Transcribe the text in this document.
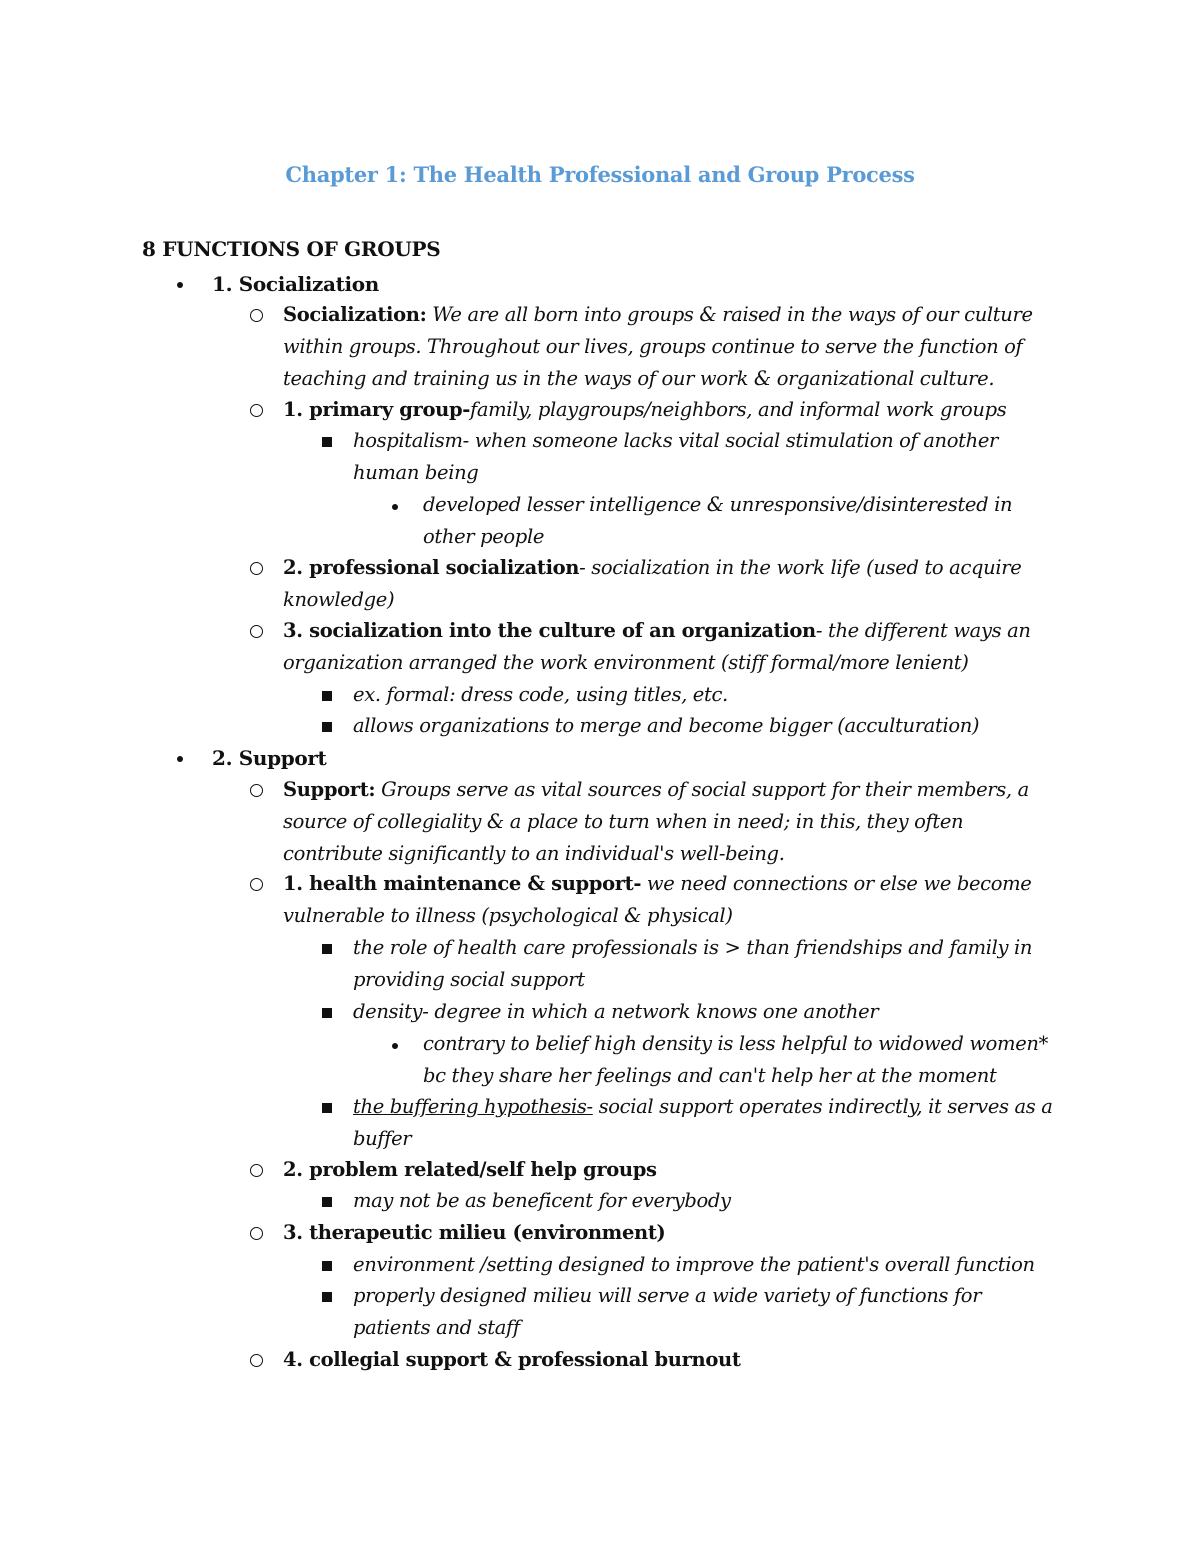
Chapter 1: The Health Professional and Group Process
8 FUNCTIONS OF GROUPS
1. Socialization
Socialization: We are all born into groups & raised in the ways of our culture
within groups. Throughout our lives, groups continue to serve the function of
teaching and training us in the ways of our work & organizational culture.
1. primary group-family, playgroups/neighbors, and informal work groups
hospitalism- when someone lacks vital social stimulation of another
human being
developed lesser intelligence & unresponsive/disinterested in
other people
2. professional socialization- socialization in the work life (used to acquire
knowledge)
3. socialization into the culture of an organization- the different ways an
organization arranged the work environment (stiff formal/more lenient)
ex. formal: dress code, using titles, etc.
allows organizations to merge and become bigger (acculturation)
2. Support
Support: Groups serve as vital sources of social support for their members, a
source of collegiality & a place to turn when in need; in this, they often
contribute significantly to an individual's well-being.
1. health maintenance & support- we need connections or else we become
vulnerable to illness (psychological & physical)
the role of health care professionals is > than friendships and family in
providing social support
density- degree in which a network knows one another
contrary to belief high density is less helpful to widowed women*
bc they share her feelings and can't help her at the moment
the buffering hypothesis- social support operates indirectly, it serves as a
buffer
2. problem related/self help groups
may not be as beneficent for everybody
3. therapeutic milieu (environment)
environment /setting designed to improve the patient's overall function
properly designed milieu will serve a wide variety of functions for
patients and staff
4. collegial support & professional burnout
